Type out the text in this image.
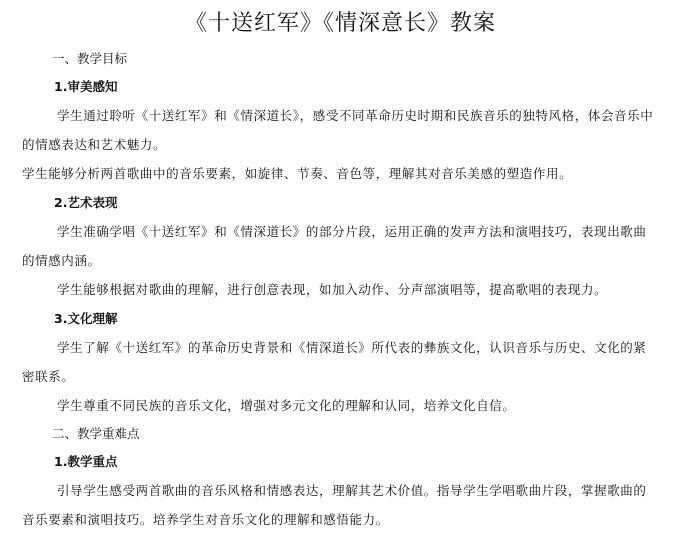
《十送红军》《情深意长》教案
一、教学目标
1.审美感知

学生通过聆听《十送红军》和《情深道长》，感受不同革命历史时期和民族音乐的独特风格，体会音乐中的情感表达和艺术魅力。

学生能够分析两首歌曲中的音乐要素，如旋律、节奏、音色等，理解其对音乐美感的塑造作用。

2.艺术表现

学生准确学唱《十送红军》和《情深道长》的部分片段，运用正确的发声方法和演唱技巧，表现出歌曲的情感内涵。

学生能够根据对歌曲的理解，进行创意表现，如加入动作、分声部演唱等，提高歌唱的表现力。

3.文化理解

学生了解《十送红军》的革命历史背景和《情深道长》所代表的彝族文化，认识音乐与历史、文化的紧密联系。

学生尊重不同民族的音乐文化，增强对多元文化的理解和认同，培养文化自信。

二、教学重难点
1.教学重点

引导学生感受两首歌曲的音乐风格和情感表达，理解其艺术价值。指导学生学唱歌曲片段，掌握歌曲的音乐要素和演唱技巧。培养学生对音乐文化的理解和感悟能力。
